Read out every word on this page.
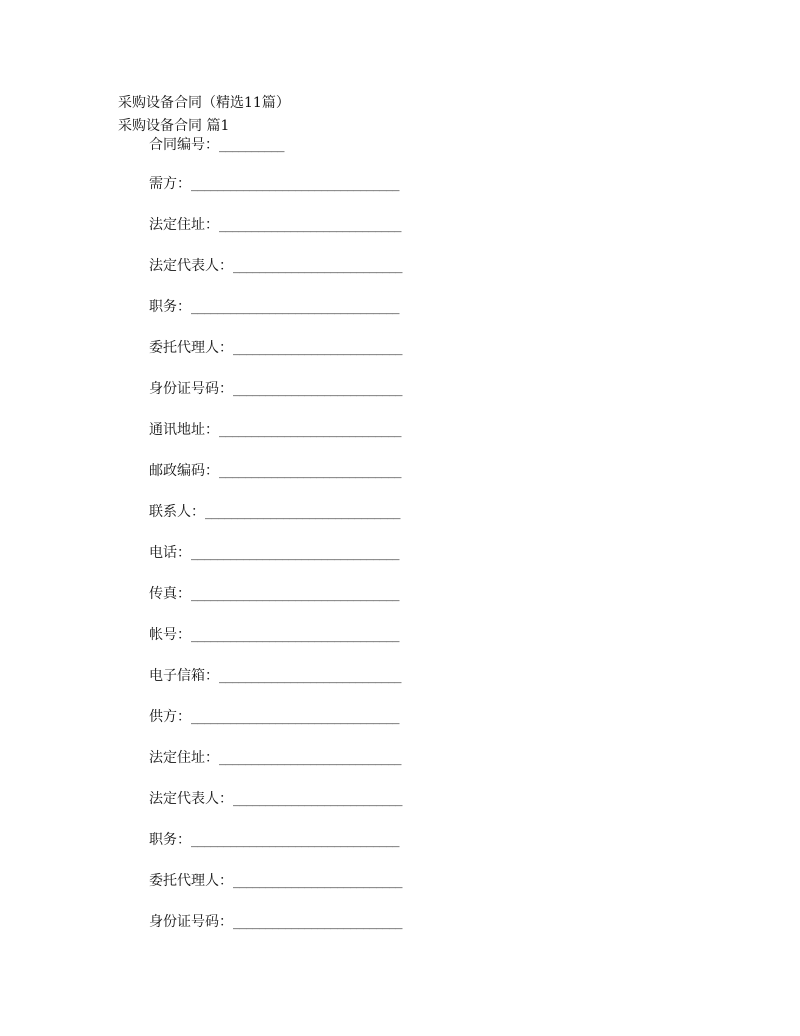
采购设备合同（精选11篇）
采购设备合同 篇1
合同编号：__________
需方：________________________________
法定住址：____________________________
法定代表人：__________________________
职务：________________________________
委托代理人：__________________________
身份证号码：__________________________
通讯地址：____________________________
邮政编码：____________________________
联系人：______________________________
电话：________________________________
传真：________________________________
帐号：________________________________
电子信箱：____________________________
供方：________________________________
法定住址：____________________________
法定代表人：__________________________
职务：________________________________
委托代理人：__________________________
身份证号码：__________________________
